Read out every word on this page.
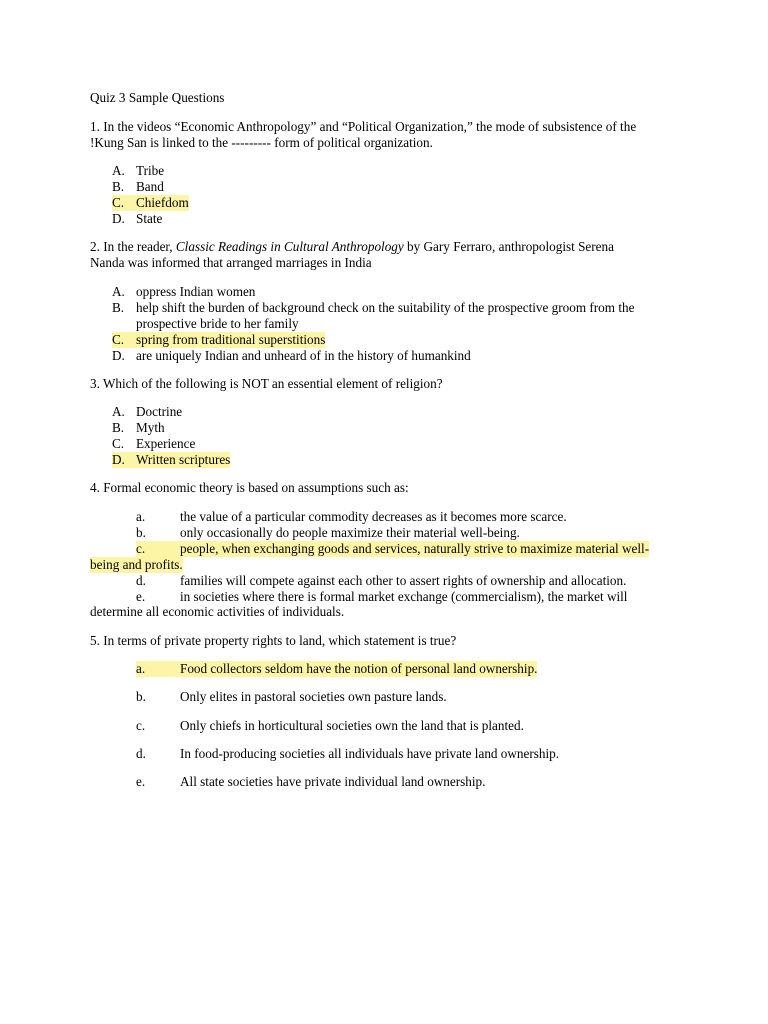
Quiz 3 Sample Questions
1. In the videos “Economic Anthropology” and “Political Organization,” the mode of subsistence of the
!Kung San is linked to the --------- form of political organization.
A. Tribe
B. Band
C. Chiefdom
D. State
2. In the reader, Classic Readings in Cultural Anthropology by Gary Ferraro, anthropologist Serena
Nanda was informed that arranged marriages in India
A. oppress Indian women
B. help shift the burden of background check on the suitability of the prospective groom from the
prospective bride to her family
C. spring from traditional superstitions
D. are uniquely Indian and unheard of in the history of humankind
3. Which of the following is NOT an essential element of religion?
A. Doctrine
B. Myth
C. Experience
D. Written scriptures
4. Formal economic theory is based on assumptions such as:
a.	the value of a particular commodity decreases as it becomes more scarce.
b.	only occasionally do people maximize their material well-being.
c.	people, when exchanging goods and services, naturally strive to maximize material well-
being and profits.
d.	families will compete against each other to assert rights of ownership and allocation.
e.	in societies where there is formal market exchange (commercialism), the market will
determine all economic activities of individuals.
5. In terms of private property rights to land, which statement is true?
a.	Food collectors seldom have the notion of personal land ownership.
b.	Only elites in pastoral societies own pasture lands.
c.	Only chiefs in horticultural societies own the land that is planted.
d.	In food-producing societies all individuals have private land ownership.
e.	All state societies have private individual land ownership.
